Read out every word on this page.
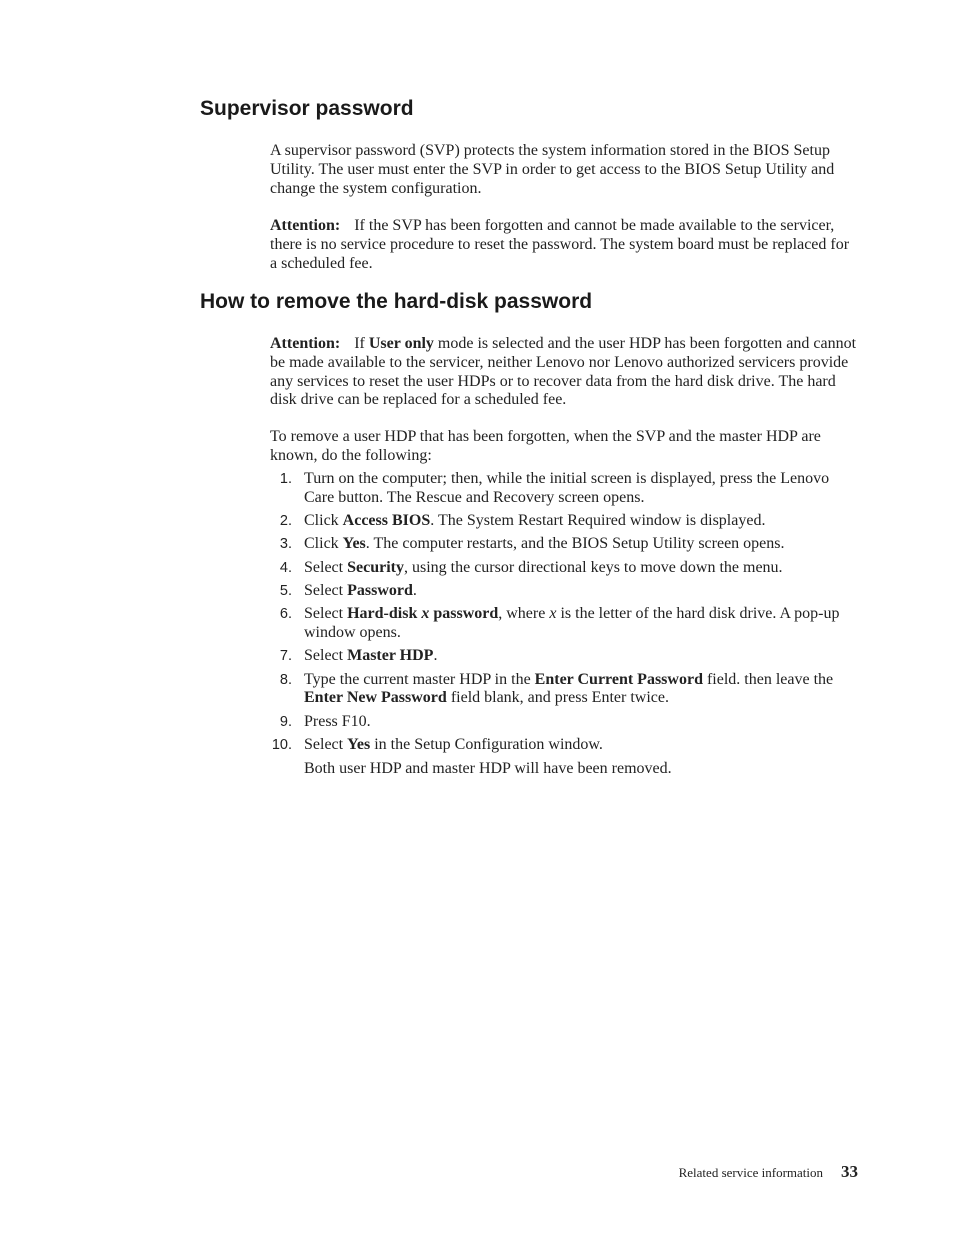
Supervisor password

A supervisor password (SVP) protects the system information stored in the BIOS Setup Utility. The user must enter the SVP in order to get access to the BIOS Setup Utility and change the system configuration.

Attention: If the SVP has been forgotten and cannot be made available to the servicer, there is no service procedure to reset the password. The system board must be replaced for a scheduled fee.

How to remove the hard-disk password

Attention: If User only mode is selected and the user HDP has been forgotten and cannot be made available to the servicer, neither Lenovo nor Lenovo authorized servicers provide any services to reset the user HDPs or to recover data from the hard disk drive. The hard disk drive can be replaced for a scheduled fee.

To remove a user HDP that has been forgotten, when the SVP and the master HDP are known, do the following:

1. Turn on the computer; then, while the initial screen is displayed, press the Lenovo Care button. The Rescue and Recovery screen opens.
2. Click Access BIOS. The System Restart Required window is displayed.
3. Click Yes. The computer restarts, and the BIOS Setup Utility screen opens.
4. Select Security, using the cursor directional keys to move down the menu.
5. Select Password.
6. Select Hard-disk x password, where x is the letter of the hard disk drive. A pop-up window opens.
7. Select Master HDP.
8. Type the current master HDP in the Enter Current Password field. then leave the Enter New Password field blank, and press Enter twice.
9. Press F10.
10. Select Yes in the Setup Configuration window.
Both user HDP and master HDP will have been removed.
Related service information 33
